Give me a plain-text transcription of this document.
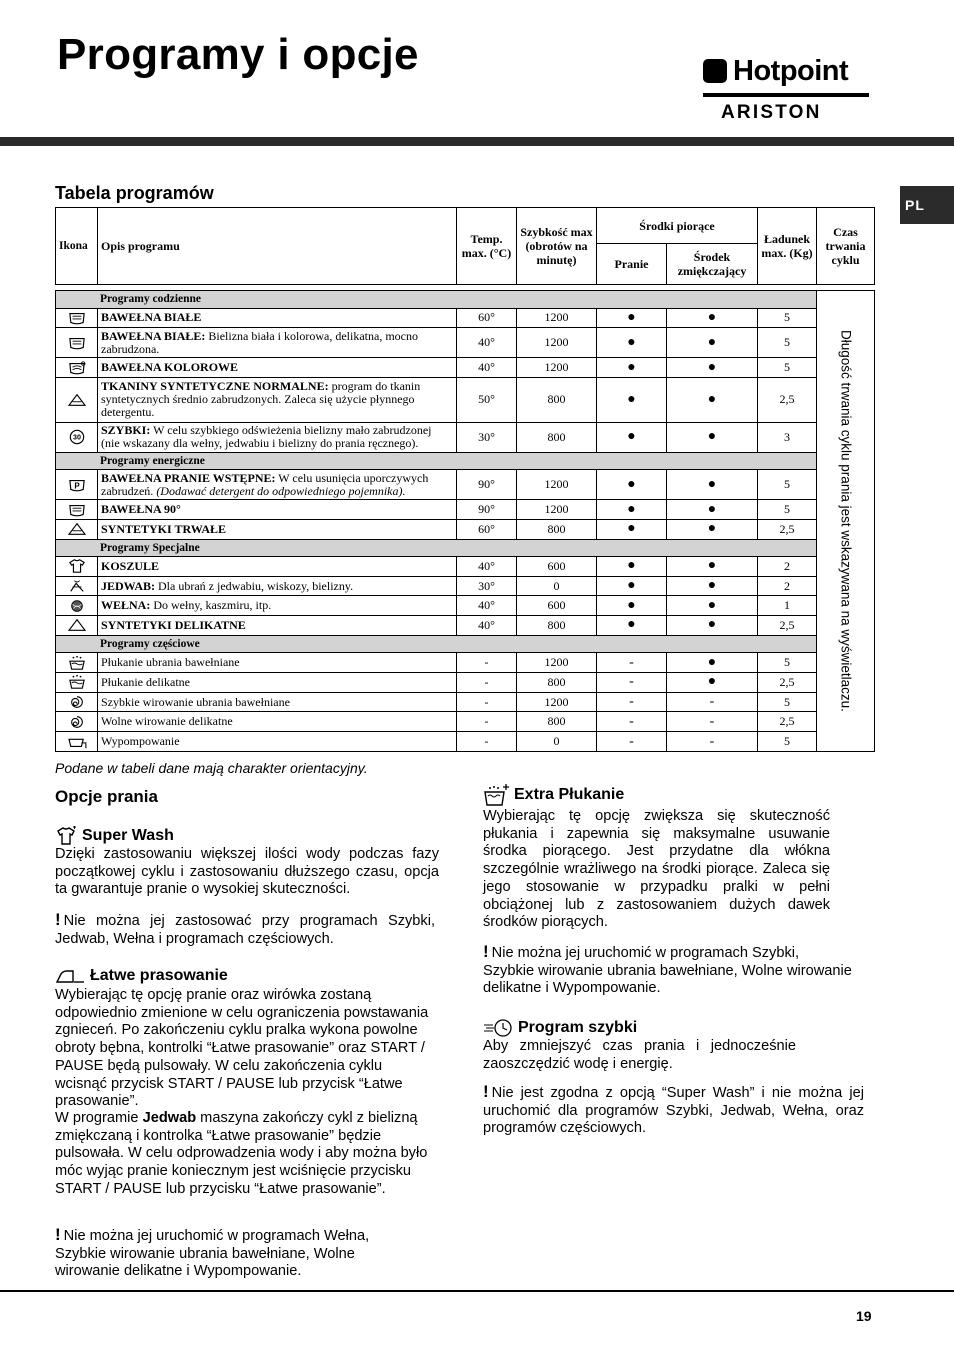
Programy i opcje	Hotpoint
ARISTON
PL
Tabela programów
Ikona	Opis programu	Temp. max. (°C)	Szybkość max (obrotów na minutę)	Środki piorące		Ładunek max. (Kg)	Czas trwania cyklu
				Pranie	Środek zmiękczający		

Programy codzienne							Długość trwania cyklu prania jest wskazywana na wyświetlaczu.

	BAWEŁNA BIAŁE	60°	1200	●	●	5	

	BAWEŁNA BIAŁE: Bielizna biała i kolorowa, delikatna, mocno zabrudzona.	40°	1200	●	●	5	

	BAWEŁNA KOLOROWE	40°	1200	●	●	5	

	TKANINY SYNTETYCZNE NORMALNE: program do tkanin syntetycznych średnio zabrudzonych. Zaleca się użycie płynnego detergentu.	50°	800	●	●	2,5	

30	SZYBKI: W celu szybkiego odświeżenia bielizny mało zabrudzonej (nie wskazany dla wełny, jedwabiu i bielizny do prania ręcznego).	30°	800	●	●	3	
Programy energiczne							

P	BAWEŁNA PRANIE WSTĘPNE: W celu usunięcia uporczywych zabrudzeń. (Dodawać detergent do odpowiedniego pojemnika).	90°	1200	●	●	5	

	BAWEŁNA 90°	90°	1200	●	●	5	

	SYNTETYKI TRWAŁE	60°	800	●	●	2,5	
Programy Specjalne							

	KOSZULE	40°	600	●	●	2	

	JEDWAB: Dla ubrań z jedwabiu, wiskozy, bielizny.	30°	0	●	●	2	

	WEŁNA: Do wełny, kaszmiru, itp.	40°	600	●	●	1	

	SYNTETYKI DELIKATNE	40°	800	●	●	2,5	
Programy częściowe							

	Płukanie ubrania bawełniane	-	1200	-	●	5	

	Płukanie delikatne	-	800	-	●	2,5	

	Szybkie wirowanie ubrania bawełniane	-	1200	-	-	5	

	Wolne wirowanie delikatne	-	800	-	-	2,5	

	Wypompowanie	-	0	-	-	5	
Podane w tabeli dane mają charakter orientacyjny.
Opcje prania
Super Wash
Dzięki zastosowaniu większej ilości wody podczas fazy początkowej cyklu i zastosowaniu dłuższego czasu, opcja ta gwarantuje pranie o wysokiej skuteczności.
! Nie można jej zastosować przy programach Szybki, Jedwab, Wełna i programach częściowych.
Łatwe prasowanie
Wybierając tę opcję pranie oraz wirówka zostaną odpowiednio zmienione w celu ograniczenia powstawania zgnieceń. Po zakończeniu cyklu pralka wykona powolne obroty bębna, kontrolki “Łatwe prasowanie” oraz START / PAUSE będą pulsowały. W celu zakończenia cyklu wcisnąć przycisk START / PAUSE lub przycisk “Łatwe prasowanie”.
W programie Jedwab maszyna zakończy cykl z bielizną zmiękczaną i kontrolka “Łatwe prasowanie” będzie pulsowała. W celu odprowadzenia wody i aby można było móc wyjąc pranie koniecznym jest wciśnięcie przycisku START / PAUSE lub przycisku “Łatwe prasowanie”.
! Nie można jej uruchomić w programach Wełna, Szybkie wirowanie ubrania bawełniane, Wolne wirowanie delikatne i Wypompowanie.
Extra Płukanie
Wybierając tę opcję zwiększa się skuteczność płukania i zapewnia się maksymalne usuwanie środka piorącego. Jest przydatne dla włókna szczególnie wrażliwego na środki piorące. Zaleca się jego stosowanie w przypadku pralki w pełni obciążonej lub z zastosowaniem dużych dawek środków piorących.
! Nie można jej uruchomić w programach Szybki, Szybkie wirowanie ubrania bawełniane, Wolne wirowanie delikatne i Wypompowanie.
Program szybki
Aby zmniejszyć czas prania i jednocześnie zaoszczędzić wodę i energię.
! Nie jest zgodna z opcją “Super Wash” i nie można jej uruchomić dla programów Szybki, Jedwab, Wełna, oraz programów częściowych.
19
